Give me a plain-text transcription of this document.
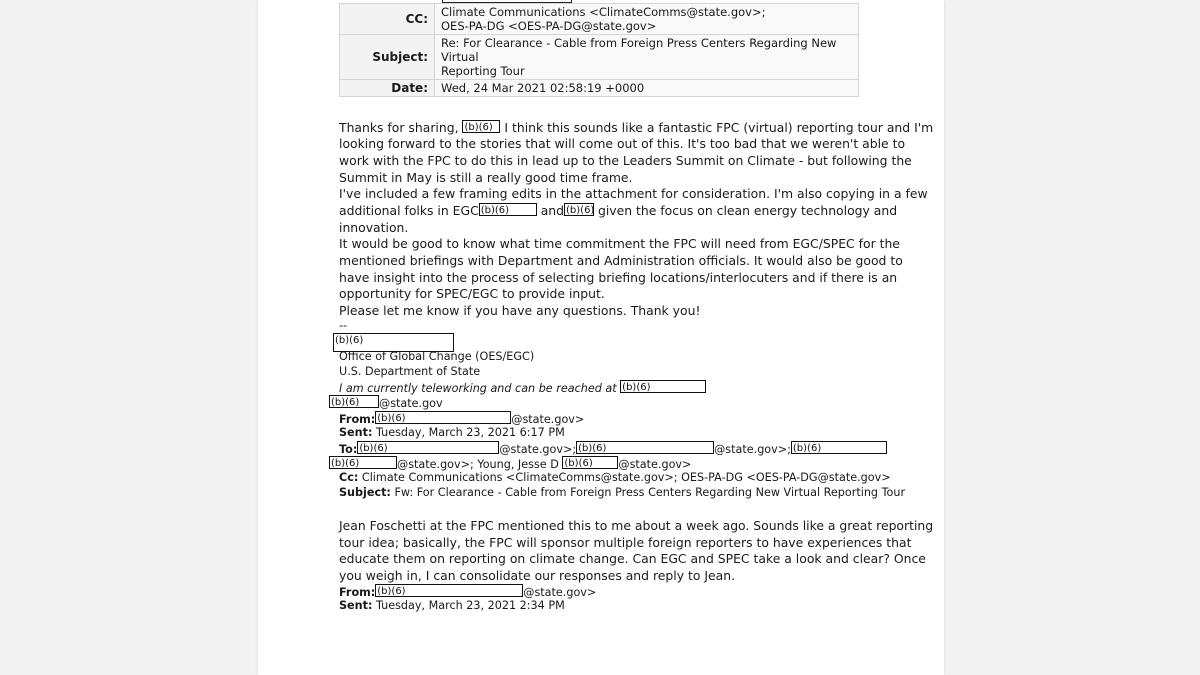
CC:	Climate Communications <ClimateComms@state.gov>;
OES-PA-DG <OES-PA-DG@state.gov>

Subject:	Re: For Clearance - Cable from Foreign Press Centers Regarding New Virtual
Reporting Tour

Date:	Wed, 24 Mar 2021 02:58:19 +0000
Thanks for sharing, (b)(6) I think this sounds like a fantastic FPC (virtual) reporting tour and I'm
looking forward to the stories that will come out of this. It's too bad that we weren't able to
work with the FPC to do this in lead up to the Leaders Summit on Climate - but following the
Summit in May is still a really good time frame.
I've included a few framing edits in the attachment for consideration. I'm also copying in a few
additional folks in EGC (b)(6)	and (b)(6) given the focus on clean energy technology and
innovation.
It would be good to know what time commitment the FPC will need from EGC/SPEC for the
mentioned briefings with Department and Administration officials. It would also be good to
have insight into the process of selecting briefing locations/interlocuters and if there is an
opportunity for SPEC/EGC to provide input.
Please let me know if you have any questions. Thank you!
--
(b)(6)
Office of Global Change (OES/EGC)
U.S. Department of State
I am currently teleworking and can be reached at (b)(6)
(b)(6) @state.gov
From: (b)(6)	@state.gov>
Sent: Tuesday, March 23, 2021 6:17 PM
To: (b)(6)	@state.gov>; (b)(6)	@state.gov>; (b)(6)
(b)(6)	@state.gov>; Young, Jesse D (b)(6) @state.gov>
Cc: Climate Communications <ClimateComms@state.gov>; OES-PA-DG <OES-PA-DG@state.gov>
Subject: Fw: For Clearance - Cable from Foreign Press Centers Regarding New Virtual Reporting Tour
Jean Foschetti at the FPC mentioned this to me about a week ago. Sounds like a great reporting
tour idea; basically, the FPC will sponsor multiple foreign reporters to have experiences that
educate them on reporting on climate change. Can EGC and SPEC take a look and clear? Once
you weigh in, I can consolidate our responses and reply to Jean.
From: (b)(6)	@state.gov>
Sent: Tuesday, March 23, 2021 2:34 PM
